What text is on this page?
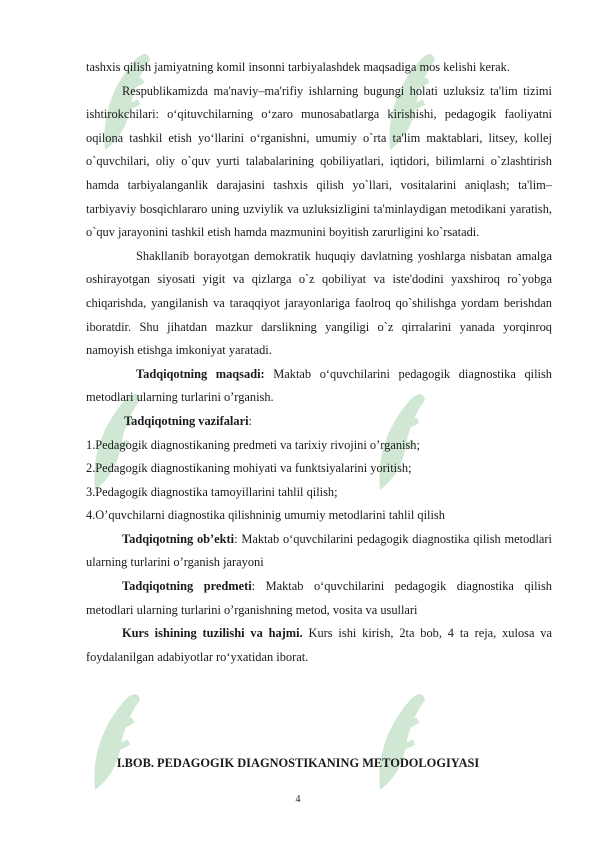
tashxis qilish jamiyatning komil insonni tarbiyalashdek maqsadiga mos kelishi kerak.

Respublikamizda ma'naviy–ma'rifiy ishlarning bugungi holati uzluksiz ta'lim tizimi ishtirokchilari: o‘qituvchilarning o‘zaro munosabatlarga kirishishi, pedagogik faoliyatni oqilona tashkil etish yo‘llarini o‘rganishni, umumiy o`rta ta'lim maktablari, litsey, kollej o`quvchilari, oliy o`quv yurti talabalarining qobiliyatlari, iqtidori, bilimlarni o`zlashtirish hamda tarbiyalanganlik darajasini tashxis qilish yo`llari, vositalarini aniqlash; ta'lim–tarbiyaviy bosqichlararo uning uzviylik va uzluksizligini ta'minlaydigan metodikani yaratish, o`quv jarayonini tashkil etish hamda mazmunini boyitish zarurligini ko`rsatadi.

Shakllanib borayotgan demokratik huquqiy davlatning yoshlarga nisbatan amalga oshirayotgan siyosati yigit va qizlarga o`z qobiliyat va iste'dodini yaxshiroq ro`yobga chiqarishda, yangilanish va taraqqiyot jarayonlariga faolroq qo`shilishga yordam berishdan iboratdir. Shu jihatdan mazkur darslikning yangiligi o`z qirralarini yanada yorqinroq namoyish etishga imkoniyat yaratadi.

Tadqiqotning maqsadi: Maktab o‘quvchilarini pedagogik diagnostika qilish metodlari ularning turlarini o’rganish.

Tadqiqotning vazifalari:

1.Pedagogik diagnostikaning predmeti va tarixiy rivojini o’rganish;

2.Pedagogik diagnostikaning mohiyati va funktsiyalarini yoritish;

3.Pedagogik diagnostika tamoyillarini tahlil qilish;

4.O’quvchilarni diagnostika qilishninig umumiy metodlarini tahlil qilish

Tadqiqotning ob’ekti: Maktab o‘quvchilarini pedagogik diagnostika qilish metodlari ularning turlarini o’rganish jarayoni

Tadqiqotning predmeti: Maktab o‘quvchilarini pedagogik diagnostika qilish metodlari ularning turlarini o’rganishning metod, vosita va usullari

Kurs ishining tuzilishi va hajmi. Kurs ishi kirish, 2ta bob, 4 ta reja, xulosa va foydalanilgan adabiyotlar ro‘yxatidan iborat.

I.BOB. PEDAGOGIK DIAGNOSTIKANING METODOLOGIYASI
4
